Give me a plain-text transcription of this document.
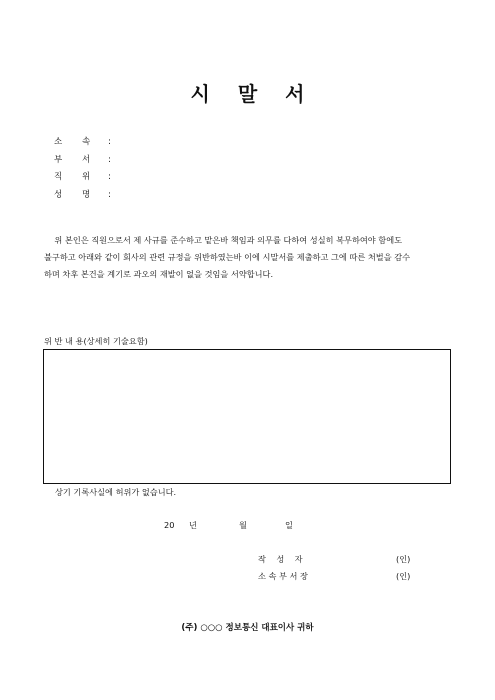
시 말 서
소 속 :
부 서 :
직 위 :
성 명 :
위 본인은 직원으로서 제 사규를 준수하고 맡은바 책임과 의무를 다하여 성실히 복무하여야 함에도
불구하고 아래와 같이 회사의 관련 규정을 위반하였는바 이에 시말서를 제출하고 그에 따른 처벌을 감수
하며 차후 본건을 계기로 과오의 재발이 없을 것임을 서약합니다.
위 반 내 용(상세히 기술요함)
상기 기록사실에 허위가 없습니다.
20 년	월	일
작    성    자	(인)
소 속 부 서 장	(인)
(주) ○○○ 정보통신 대표이사 귀하
